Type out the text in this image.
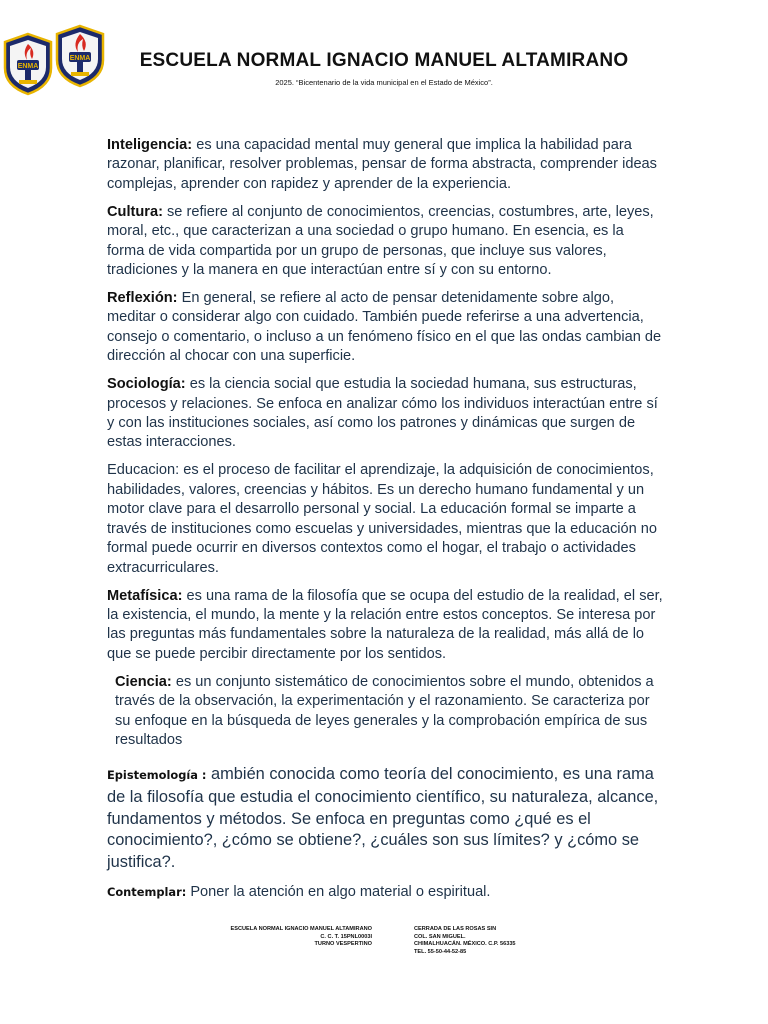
ENMA
ENMA	ESCUELA NORMAL IGNACIO MANUEL ALTAMIRANO
2025. “Bicentenario de la vida municipal en el Estado de México”.

Inteligencia: es una capacidad mental muy general que implica la habilidad para razonar, planificar, resolver problemas, pensar de forma abstracta, comprender ideas complejas, aprender con rapidez y aprender de la experiencia.

Cultura: se refiere al conjunto de conocimientos, creencias, costumbres, arte, leyes, moral, etc., que caracterizan a una sociedad o grupo humano. En esencia, es la forma de vida compartida por un grupo de personas, que incluye sus valores, tradiciones y la manera en que interactúan entre sí y con su entorno.

Reflexión: En general, se refiere al acto de pensar detenidamente sobre algo, meditar o considerar algo con cuidado. También puede referirse a una advertencia, consejo o comentario, o incluso a un fenómeno físico en el que las ondas cambian de dirección al chocar con una superficie.

Sociología: es la ciencia social que estudia la sociedad humana, sus estructuras, procesos y relaciones. Se enfoca en analizar cómo los individuos interactúan entre sí y con las instituciones sociales, así como los patrones y dinámicas que surgen de estas interacciones.

Educacion: es el proceso de facilitar el aprendizaje, la adquisición de conocimientos, habilidades, valores, creencias y hábitos. Es un derecho humano fundamental y un motor clave para el desarrollo personal y social. La educación formal se imparte a través de instituciones como escuelas y universidades, mientras que la educación no formal puede ocurrir en diversos contextos como el hogar, el trabajo o actividades extracurriculares.

Metafísica: es una rama de la filosofía que se ocupa del estudio de la realidad, el ser, la existencia, el mundo, la mente y la relación entre estos conceptos. Se interesa por las preguntas más fundamentales sobre la naturaleza de la realidad, más allá de lo que se puede percibir directamente por los sentidos.

Ciencia: es un conjunto sistemático de conocimientos sobre el mundo, obtenidos a través de la observación, la experimentación y el razonamiento. Se caracteriza por su enfoque en la búsqueda de leyes generales y la comprobación empírica de sus resultados

Epistemología : ambién conocida como teoría del conocimiento, es una rama de la filosofía que estudia el conocimiento científico, su naturaleza, alcance, fundamentos y métodos. Se enfoca en preguntas como ¿qué es el conocimiento?, ¿cómo se obtiene?, ¿cuáles son sus límites? y ¿cómo se justifica?.

Contemplar: Poner la atención en algo material o espiritual.

ESCUELA NORMAL IGNACIO MANUEL ALTAMIRANO
C. C. T. 15PNL0003I
TURNO VESPERTINO
CERRADA DE LAS ROSAS SIN
COL. SAN MIGUEL.
CHIMALHUACÁN. MÉXICO. C.P. 56335
TEL. 55-50-44-52-85
